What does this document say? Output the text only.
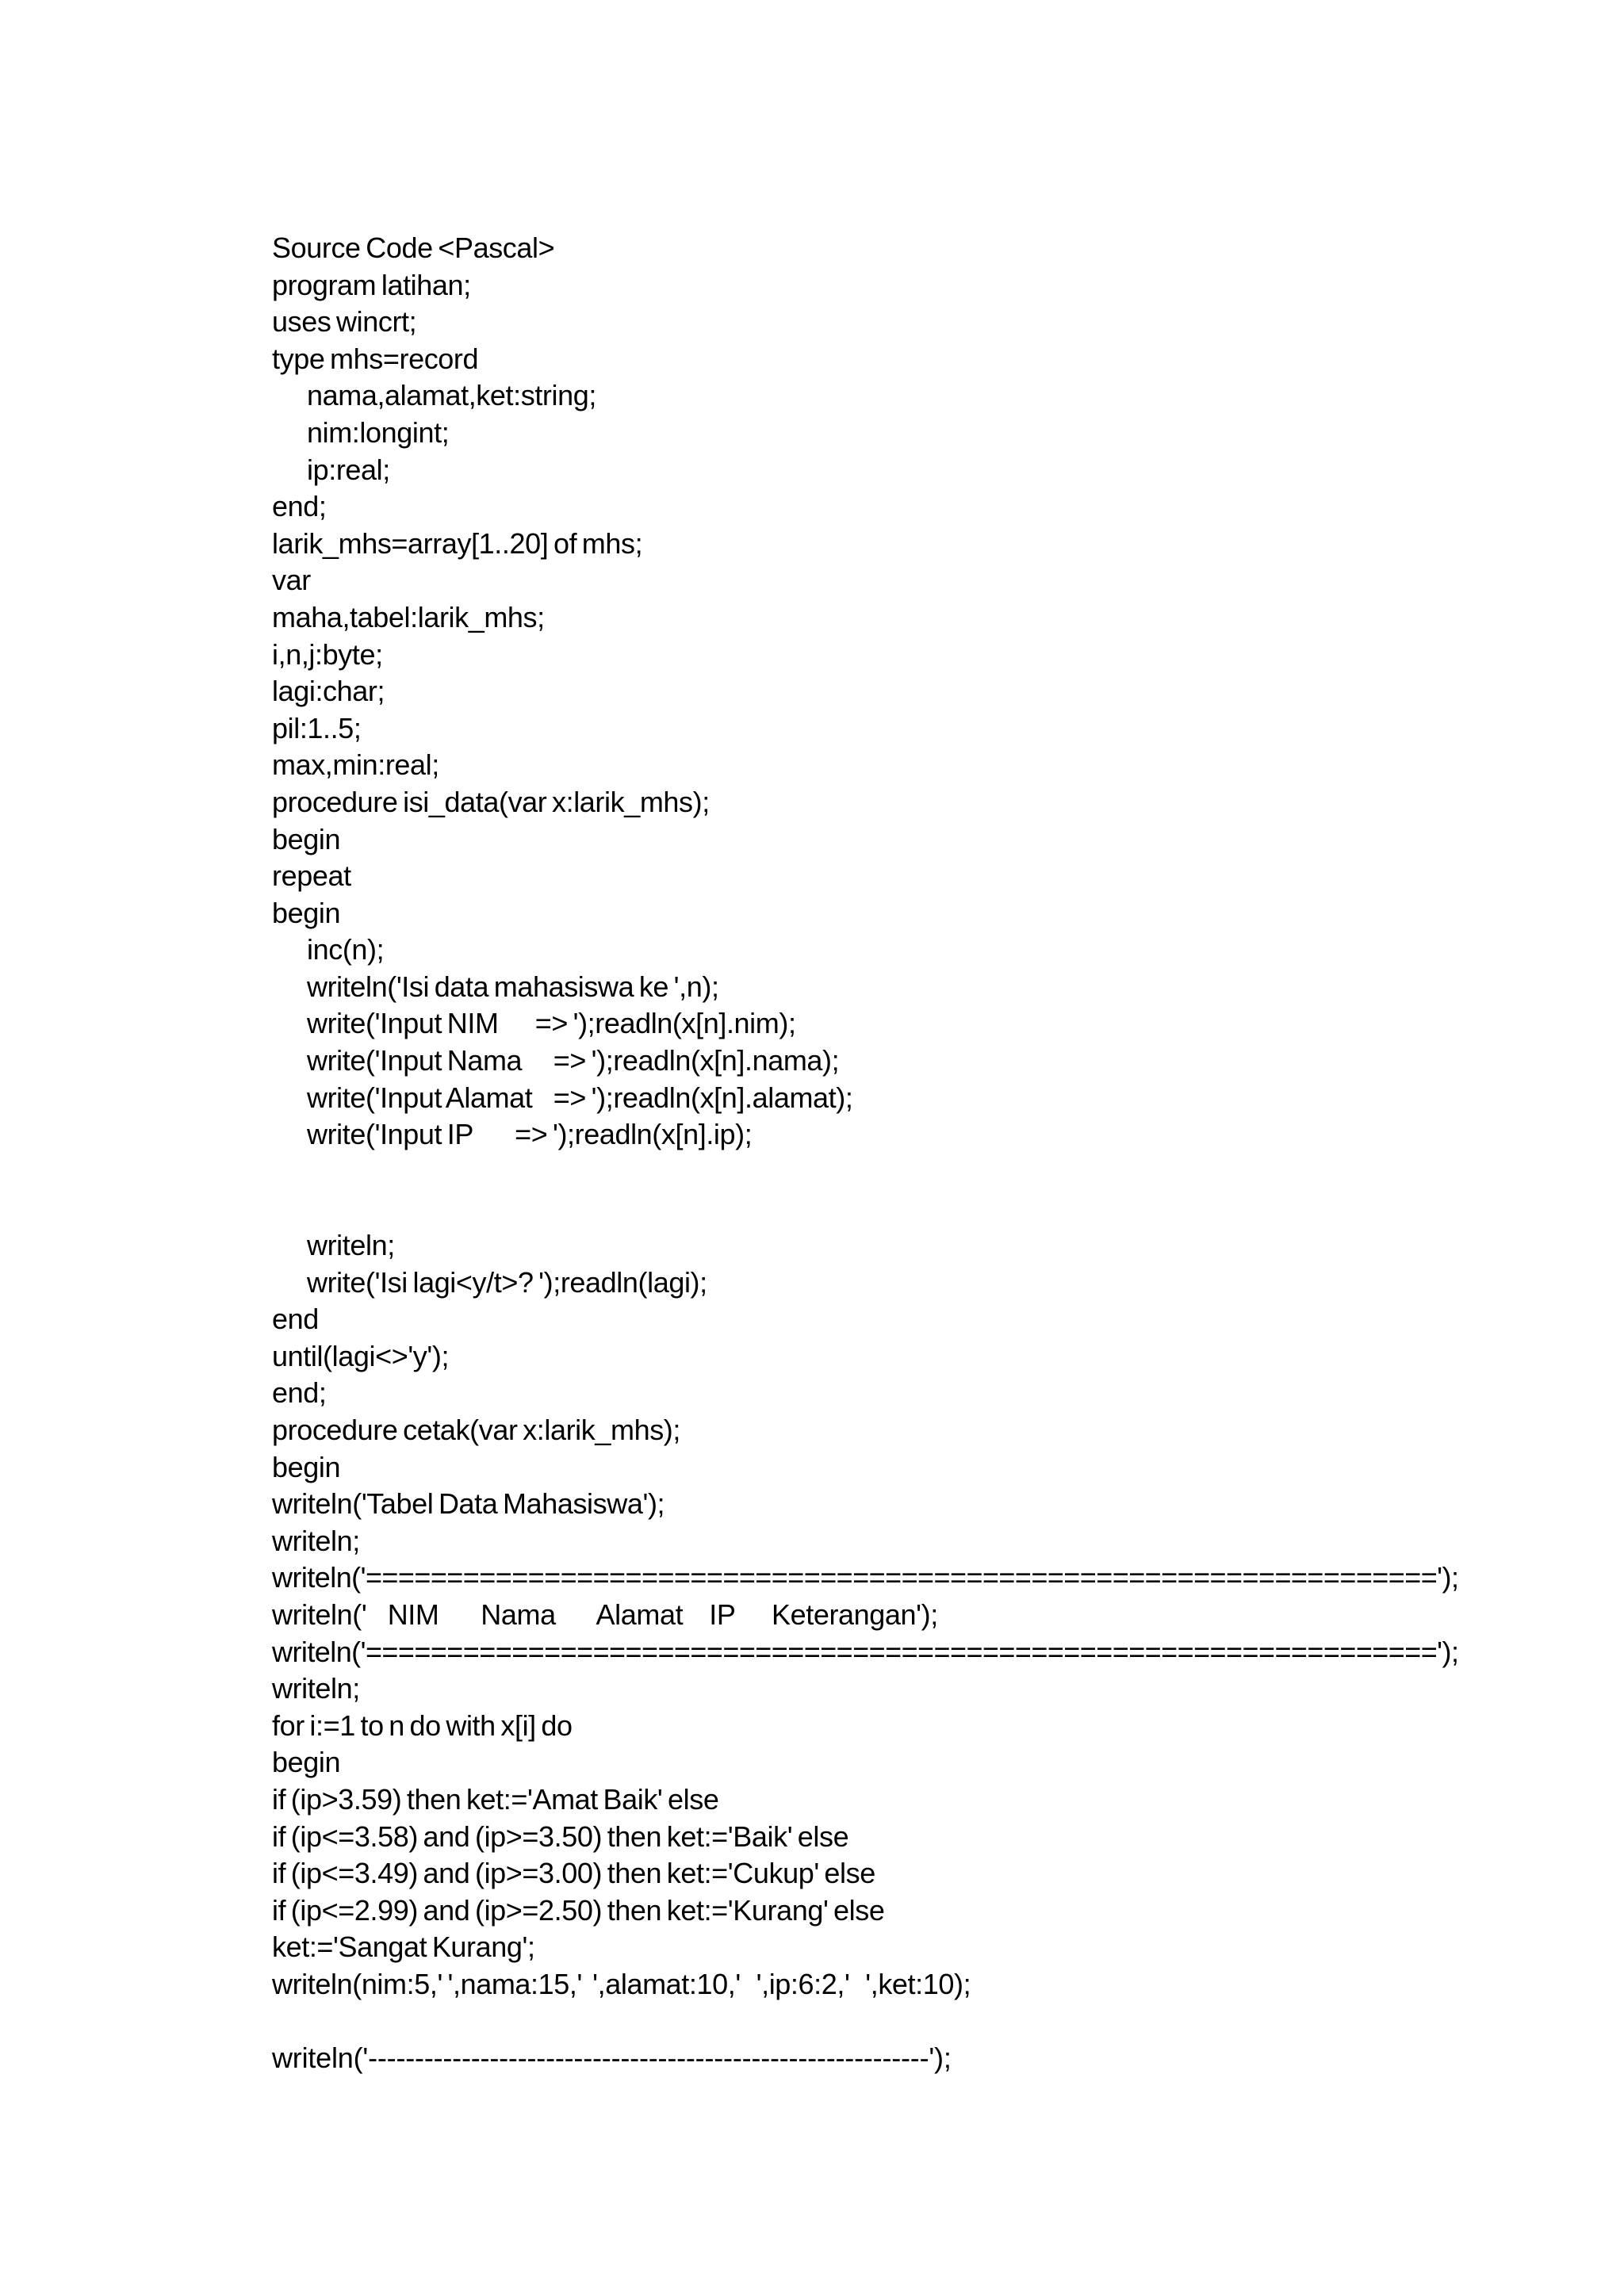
Source Code <Pascal>
program latihan;
uses wincrt;
type mhs=record
nama,alamat,ket:string;
nim:longint;
ip:real;
end;
larik_mhs=array[1..20] of mhs;
var
maha,tabel:larik_mhs;
i,n,j:byte;
lagi:char;
pil:1..5;
max,min:real;
procedure isi_data(var x:larik_mhs);
begin
repeat
begin
inc(n);
writeln('Isi data mahasiswa ke ',n);
write('Input NIM       => ');readln(x[n].nim);
write('Input Nama      => ');readln(x[n].nama);
write('Input Alamat    => ');readln(x[n].alamat);
write('Input IP        => ');readln(x[n].ip);
writeln;
write('Isi lagi<y/t>? ');readln(lagi);
end
until(lagi<>'y');
end;
procedure cetak(var x:larik_mhs);
begin
writeln('Tabel Data Mahasiswa');
writeln;
writeln('==================================================================');
writeln('    NIM        Nama        Alamat     IP       Keterangan');
writeln('==================================================================');
writeln;
for i:=1 to n do with x[i] do
begin
if (ip>3.59) then ket:='Amat Baik' else
if (ip<=3.58) and (ip>=3.50) then ket:='Baik' else
if (ip<=3.49) and (ip>=3.00) then ket:='Cukup' else
if (ip<=2.99) and (ip>=2.50) then ket:='Kurang' else
ket:='Sangat Kurang';
writeln(nim:5,' ',nama:15,'  ',alamat:10,'   ',ip:6:2,'   ',ket:10);
writeln('------------------------------------------------------------');
